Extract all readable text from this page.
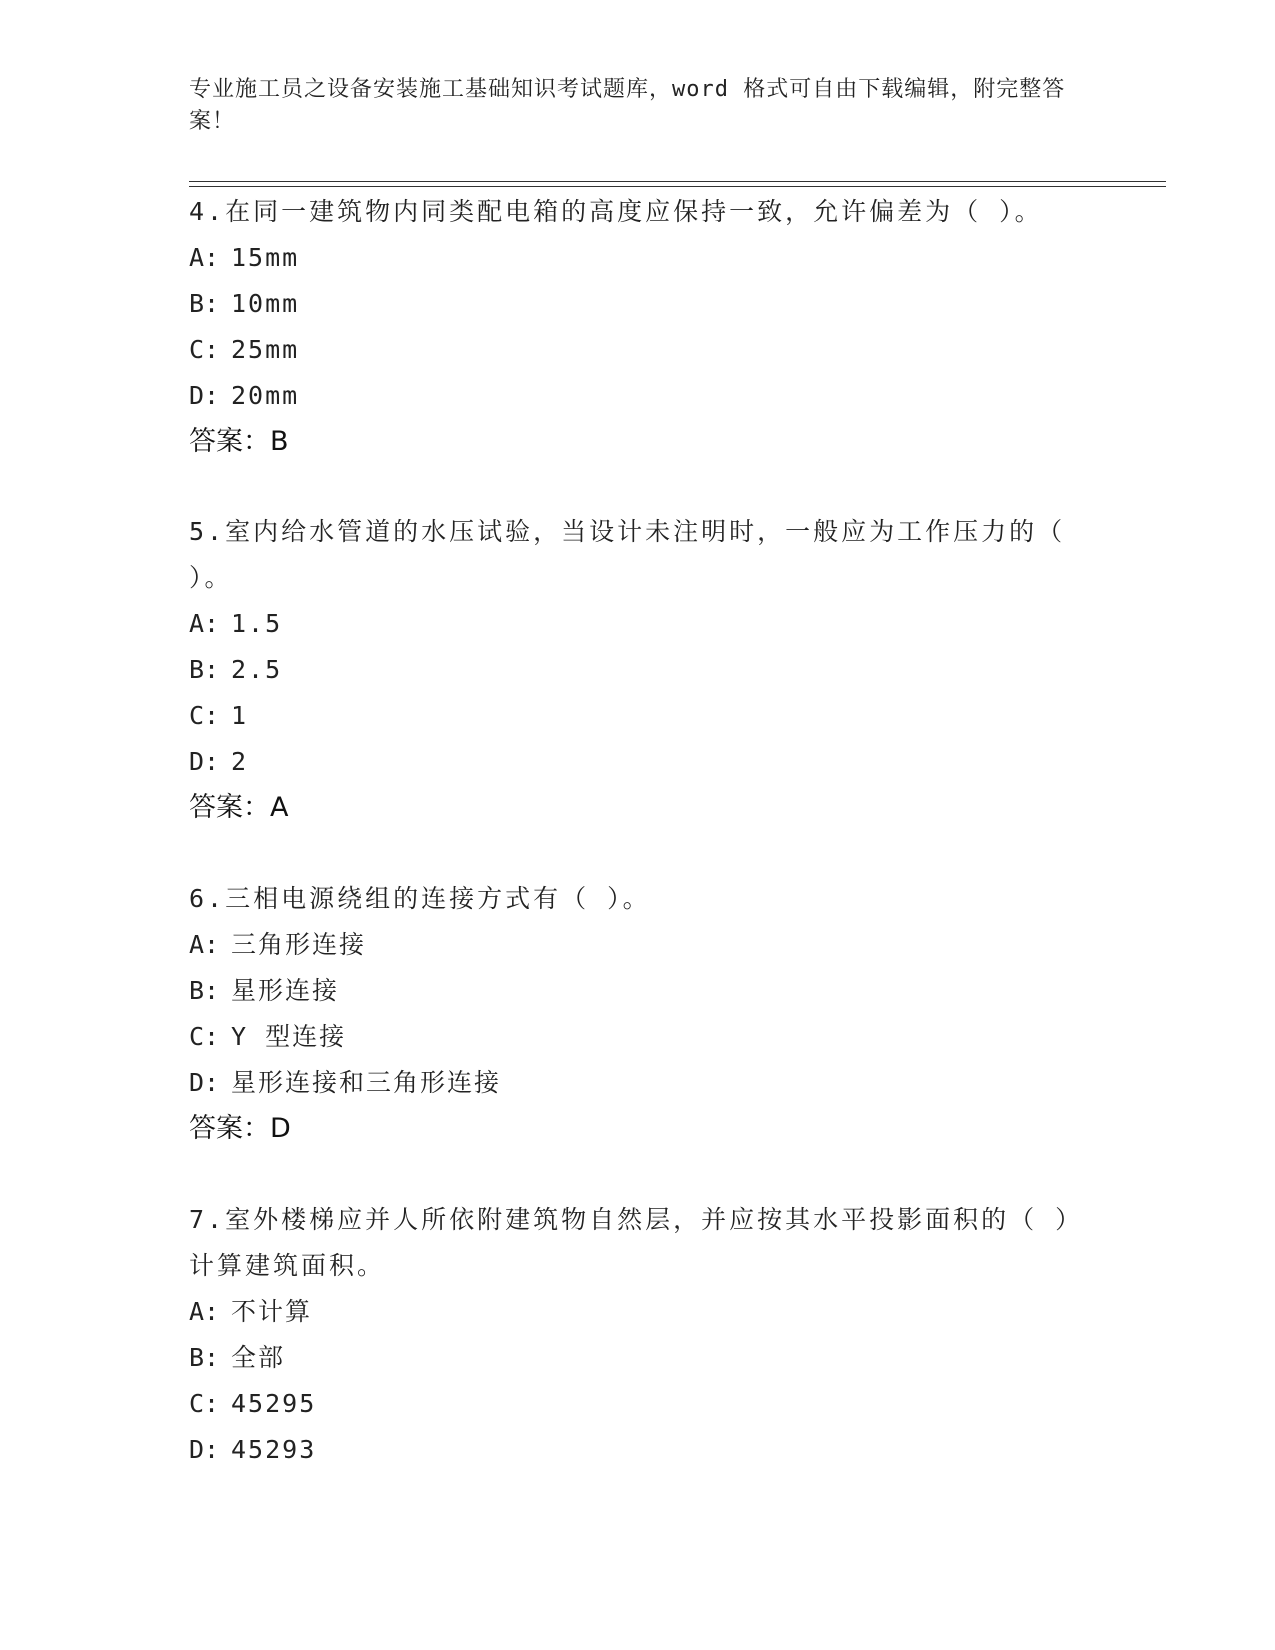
专业施工员之设备安装施工基础知识考试题库，word 格式可自由下载编辑，附完整答案！

4.在同一建筑物内同类配电箱的高度应保持一致，允许偏差为（ ）。

A: 15mm
B: 10mm
C: 25mm
D: 20mm
答案：B

5.室内给水管道的水压试验，当设计未注明时，一般应为工作压力的（ ）。

A: 1.5
B: 2.5
C: 1
D: 2
答案：A

6.三相电源绕组的连接方式有（ ）。

A: 三角形连接
B: 星形连接
C: Y 型连接
D: 星形连接和三角形连接
答案：D

7.室外楼梯应并人所依附建筑物自然层，并应按其水平投影面积的（ ）计算建筑面积。

A: 不计算
B: 全部
C: 45295
D: 45293
